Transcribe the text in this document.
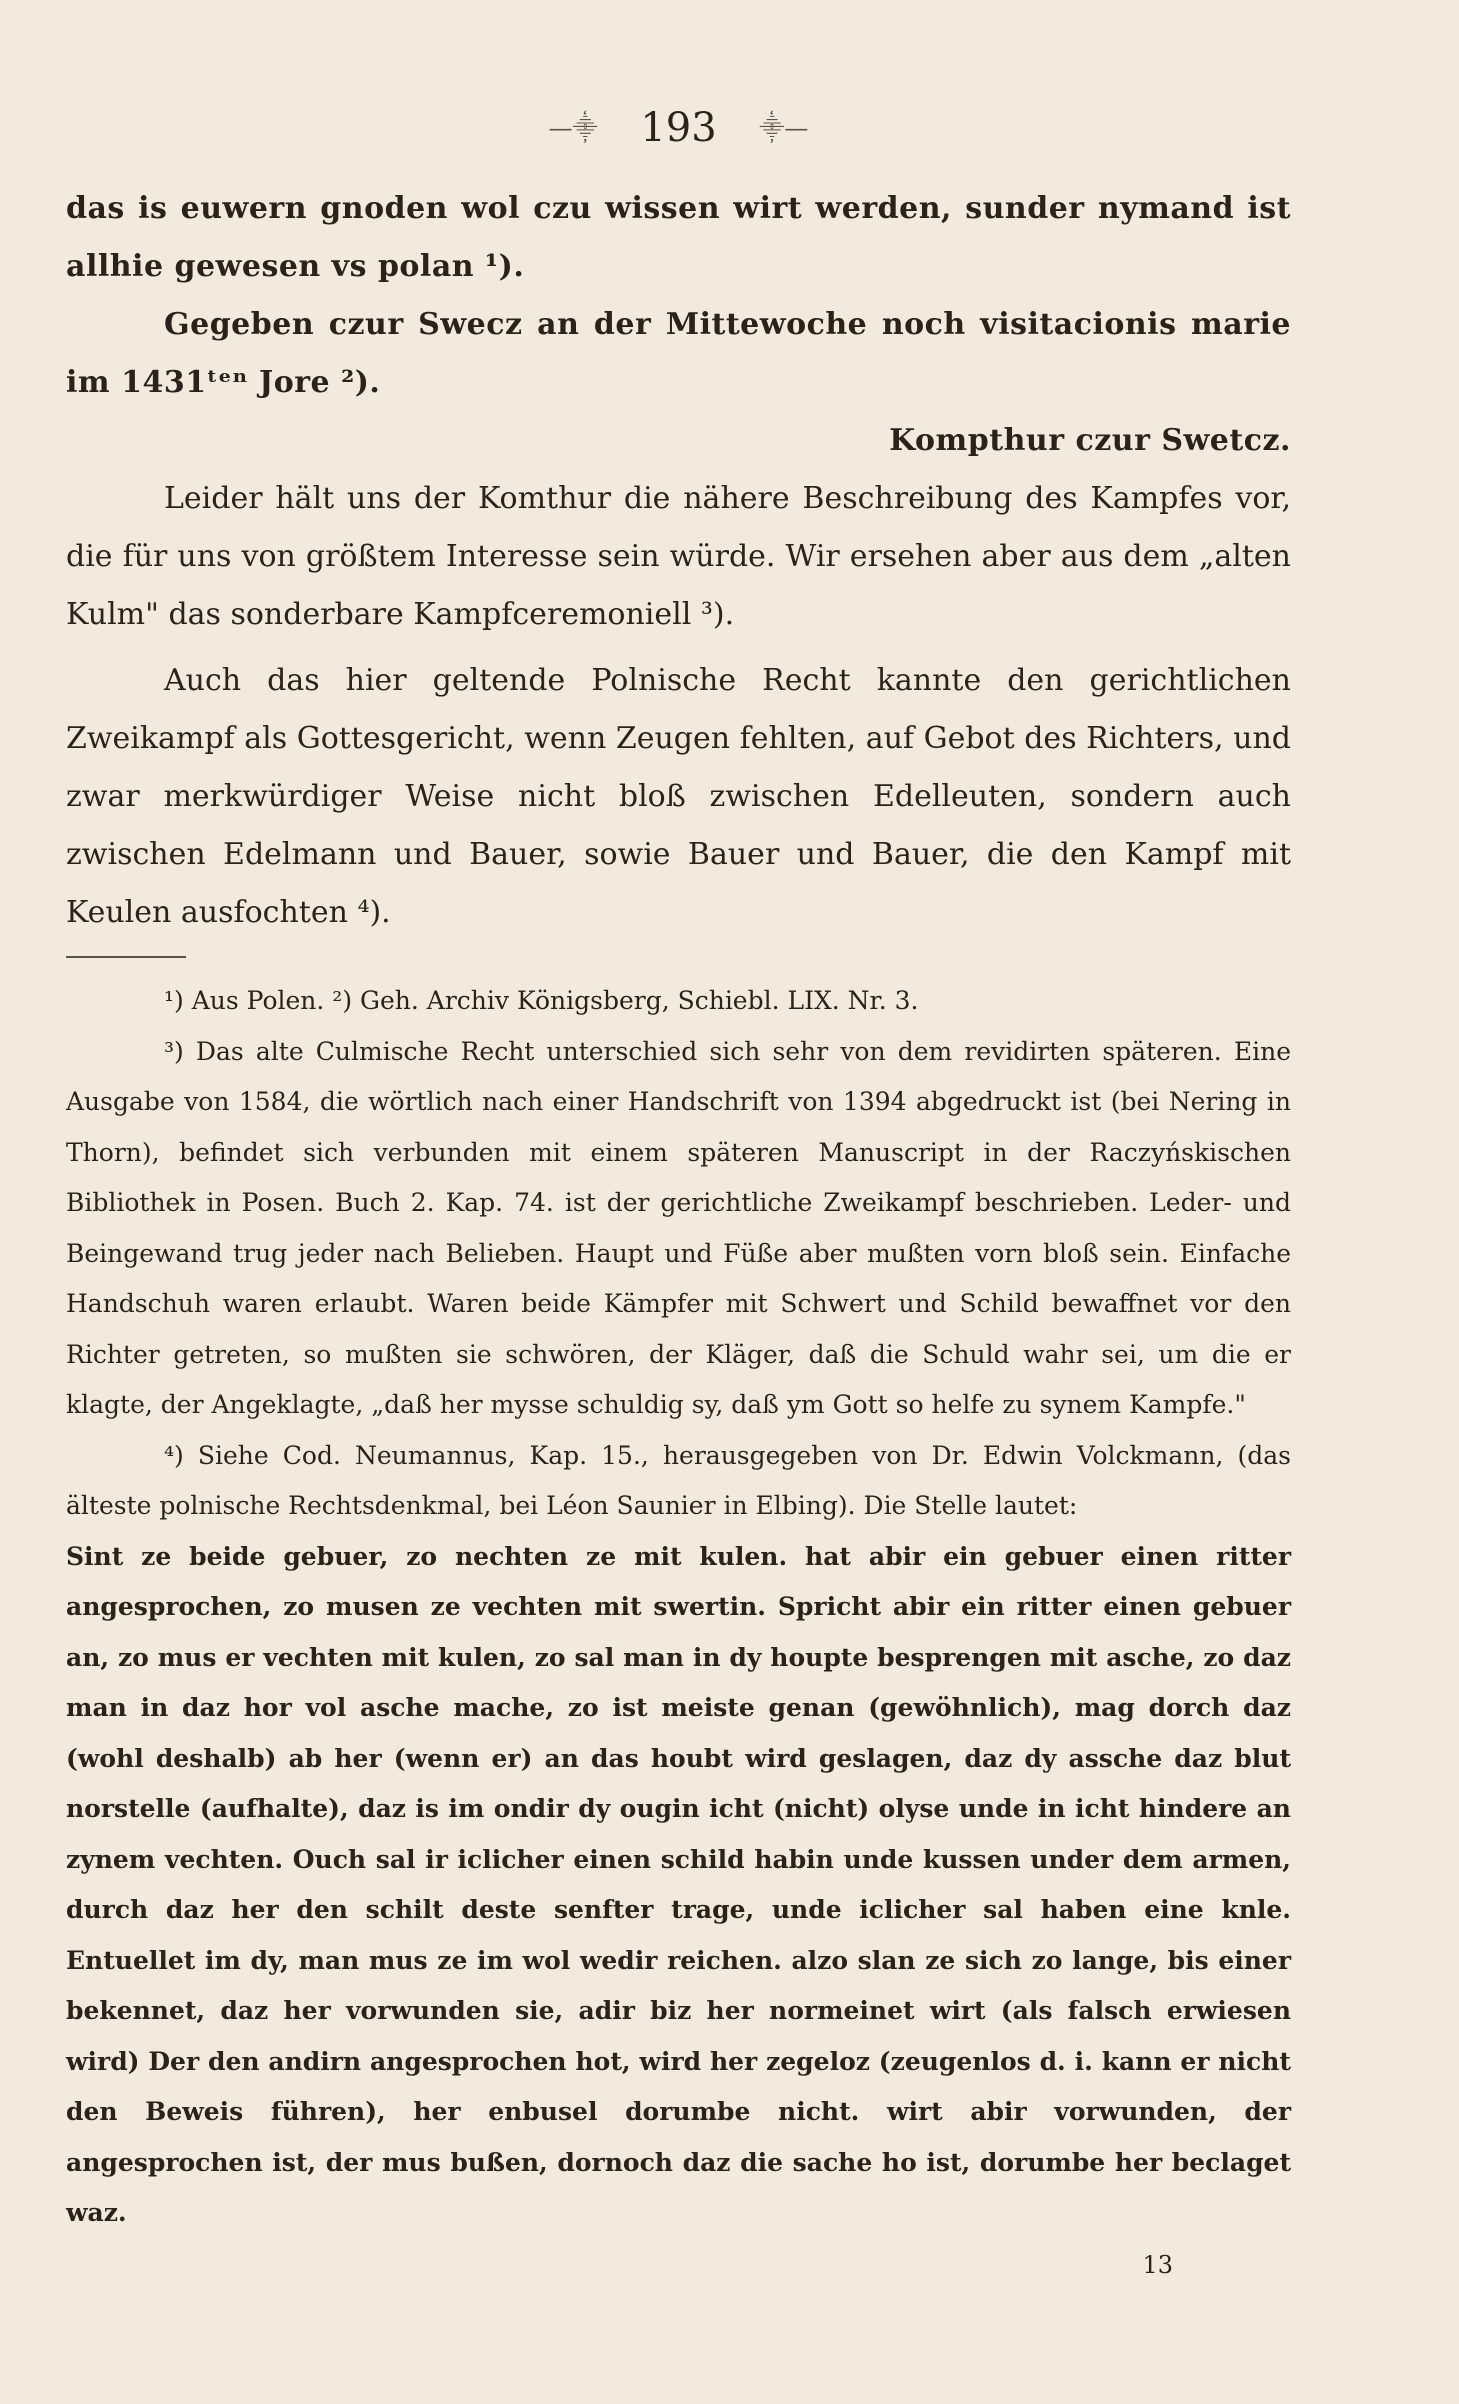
—⸎ 193 ⸎—

das is euwern gnoden wol czu wissen wirt werden, sunder nymand ist allhie gewesen vs polan ¹).

Gegeben czur Swecz an der Mittewoche noch visitacionis marie im 1431ᵗᵉⁿ Jore ²).

Kompthur czur Swetcz.

Leider hält uns der Komthur die nähere Beschreibung des Kampfes vor, die für uns von größtem Interesse sein würde. Wir ersehen aber aus dem „alten Kulm" das sonderbare Kampfceremoniell ³).

Auch das hier geltende Polnische Recht kannte den gerichtlichen Zweikampf als Gottesgericht, wenn Zeugen fehlten, auf Gebot des Richters, und zwar merkwürdiger Weise nicht bloß zwischen Edelleuten, sondern auch zwischen Edelmann und Bauer, sowie Bauer und Bauer, die den Kampf mit Keulen ausfochten ⁴).

¹) Aus Polen. ²) Geh. Archiv Königsberg, Schiebl. LIX. Nr. 3.

³) Das alte Culmische Recht unterschied sich sehr von dem revidirten späteren. Eine Ausgabe von 1584, die wörtlich nach einer Handschrift von 1394 abgedruckt ist (bei Nering in Thorn), befindet sich verbunden mit einem späteren Manuscript in der Raczyńskischen Bibliothek in Posen. Buch 2. Kap. 74. ist der gerichtliche Zweikampf beschrieben. Leder- und Beingewand trug jeder nach Belieben. Haupt und Füße aber mußten vorn bloß sein. Einfache Handschuh waren erlaubt. Waren beide Kämpfer mit Schwert und Schild bewaffnet vor den Richter getreten, so mußten sie schwören, der Kläger, daß die Schuld wahr sei, um die er klagte, der Angeklagte, „daß her mysse schuldig sy, daß ym Gott so helfe zu synem Kampfe."

⁴) Siehe Cod. Neumannus, Kap. 15., herausgegeben von Dr. Edwin Volckmann, (das älteste polnische Rechtsdenkmal, bei Léon Saunier in Elbing). Die Stelle lautet:

Sint ze beide gebuer, zo nechten ze mit kulen. hat abir ein gebuer einen ritter angesprochen, zo musen ze vechten mit swertin. Spricht abir ein ritter einen gebuer an, zo mus er vechten mit kulen, zo sal man in dy houpte besprengen mit asche, zo daz man in daz hor vol asche mache, zo ist meiste genan (gewöhnlich), mag dorch daz (wohl deshalb) ab her (wenn er) an das houbt wird geslagen, daz dy assche daz blut norstelle (aufhalte), daz is im ondir dy ougin icht (nicht) olyse unde in icht hindere an zynem vechten. Ouch sal ir iclicher einen schild habin unde kussen under dem armen, durch daz her den schilt deste senfter trage, unde iclicher sal haben eine knle. Entuellet im dy, man mus ze im wol wedir reichen. alzo slan ze sich zo lange, bis einer bekennet, daz her vorwunden sie, adir biz her normeinet wirt (als falsch erwiesen wird) Der den andirn angesprochen hot, wird her zegeloz (zeugenlos d. i. kann er nicht den Beweis führen), her enbusel dorumbe nicht. wirt abir vorwunden, der angesprochen ist, der mus bußen, dornoch daz die sache ho ist, dorumbe her beclaget waz.

13
